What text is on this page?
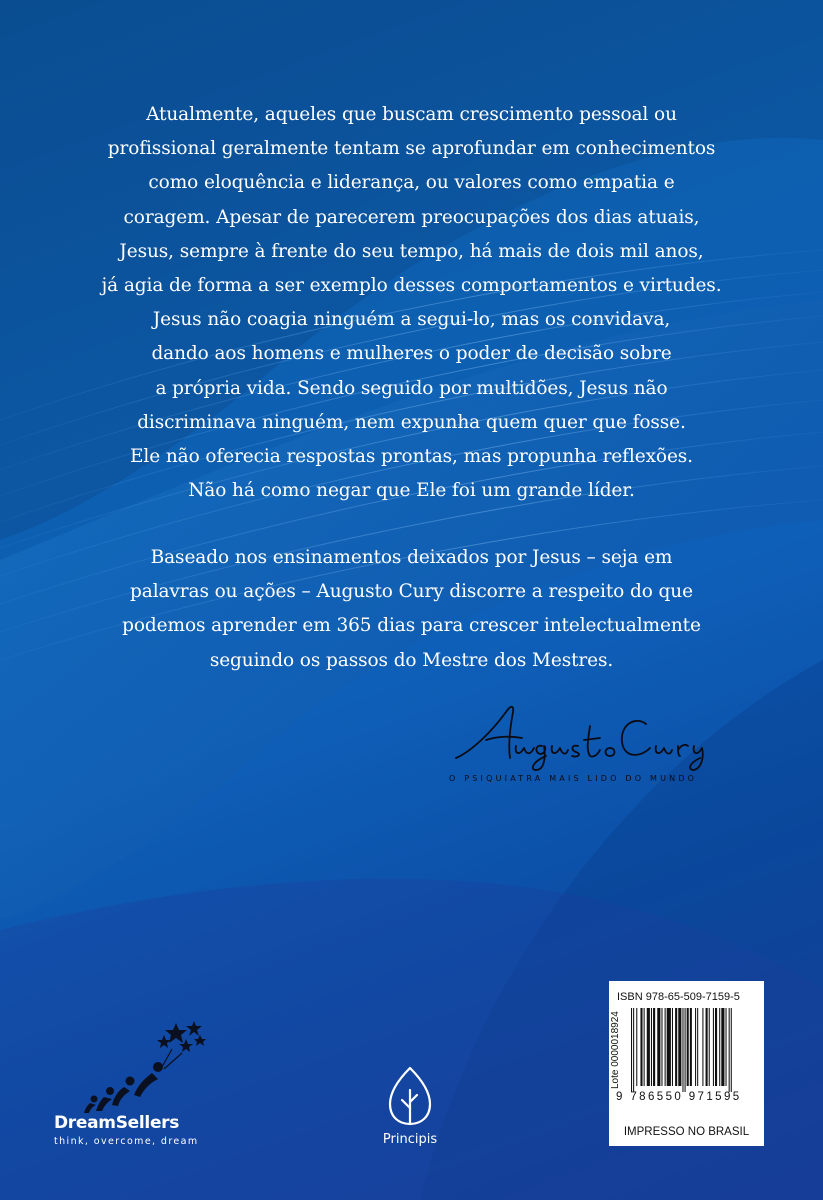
Atualmente, aqueles que buscam crescimento pessoal ou
profissional geralmente tentam se aprofundar em conhecimentos
como eloquência e liderança, ou valores como empatia e
coragem. Apesar de parecerem preocupações dos dias atuais,
Jesus, sempre à frente do seu tempo, há mais de dois mil anos,
já agia de forma a ser exemplo desses comportamentos e virtudes.
Jesus não coagia ninguém a segui-lo, mas os convidava,
dando aos homens e mulheres o poder de decisão sobre
a própria vida. Sendo seguido por multidões, Jesus não
discriminava ninguém, nem expunha quem quer que fosse.
Ele não oferecia respostas prontas, mas propunha reflexões.
Não há como negar que Ele foi um grande líder.

Baseado nos ensinamentos deixados por Jesus – seja em
palavras ou ações – Augusto Cury discorre a respeito do que
podemos aprender em 365 dias para crescer intelectualmente
seguindo os passos do Mestre dos Mestres.

O PSIQUIATRA MAIS LIDO DO MUNDO
DreamSellers
think, overcome, dream	Principis
ISBN 978-65-509-7159-5
Lote 0000018924
9 786550 971595
IMPRESSO NO BRASIL
